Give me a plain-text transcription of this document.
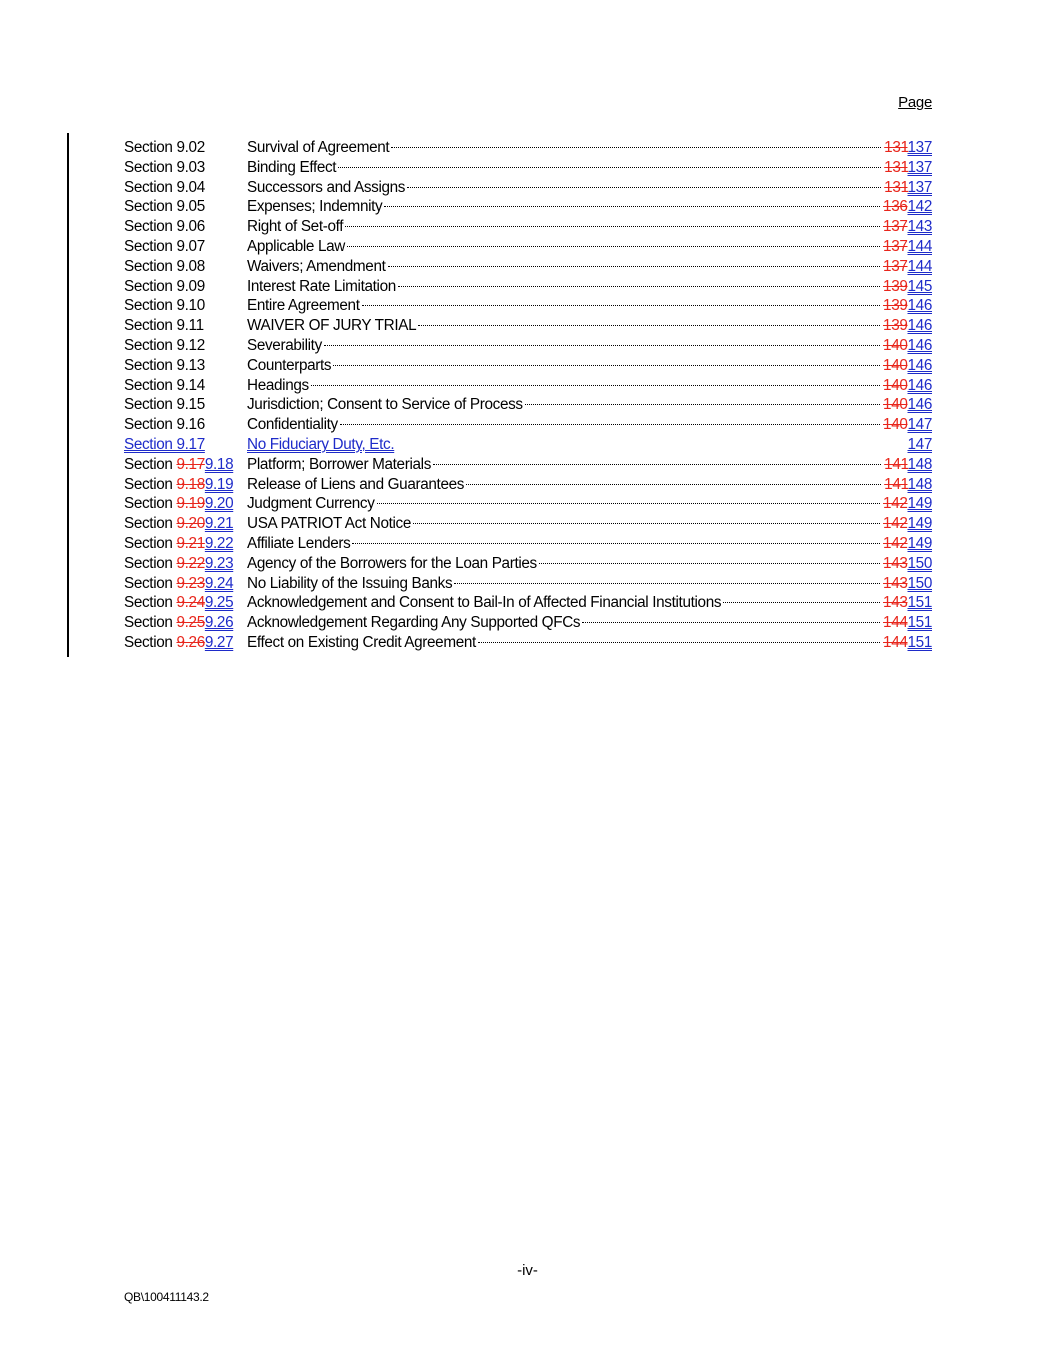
Page
Section 9.02	Survival of Agreement	131137
Section 9.03	Binding Effect	131137
Section 9.04	Successors and Assigns	131137
Section 9.05	Expenses; Indemnity	136142
Section 9.06	Right of Set-off	137143
Section 9.07	Applicable Law	137144
Section 9.08	Waivers; Amendment	137144
Section 9.09	Interest Rate Limitation	139145
Section 9.10	Entire Agreement	139146
Section 9.11	WAIVER OF JURY TRIAL	139146
Section 9.12	Severability	140146
Section 9.13	Counterparts	140146
Section 9.14	Headings	140146
Section 9.15	Jurisdiction; Consent to Service of Process	140146
Section 9.16	Confidentiality	140147
Section 9.17	No Fiduciary Duty, Etc.	147
Section 9.179.18 Platform; Borrower Materials	141148
Section 9.189.19 Release of Liens and Guarantees	141148
Section 9.199.20 Judgment Currency	142149
Section 9.209.21 USA PATRIOT Act Notice	142149
Section 9.219.22 Affiliate Lenders	142149
Section 9.229.23 Agency of the Borrowers for the Loan Parties	143150
Section 9.239.24 No Liability of the Issuing Banks	143150
Section 9.249.25 Acknowledgement and Consent to Bail-In of Affected Financial Institutions	143151
Section 9.259.26 Acknowledgement Regarding Any Supported QFCs	144151
Section 9.269.27 Effect on Existing Credit Agreement	144151
-iv-
QB\100411143.2
